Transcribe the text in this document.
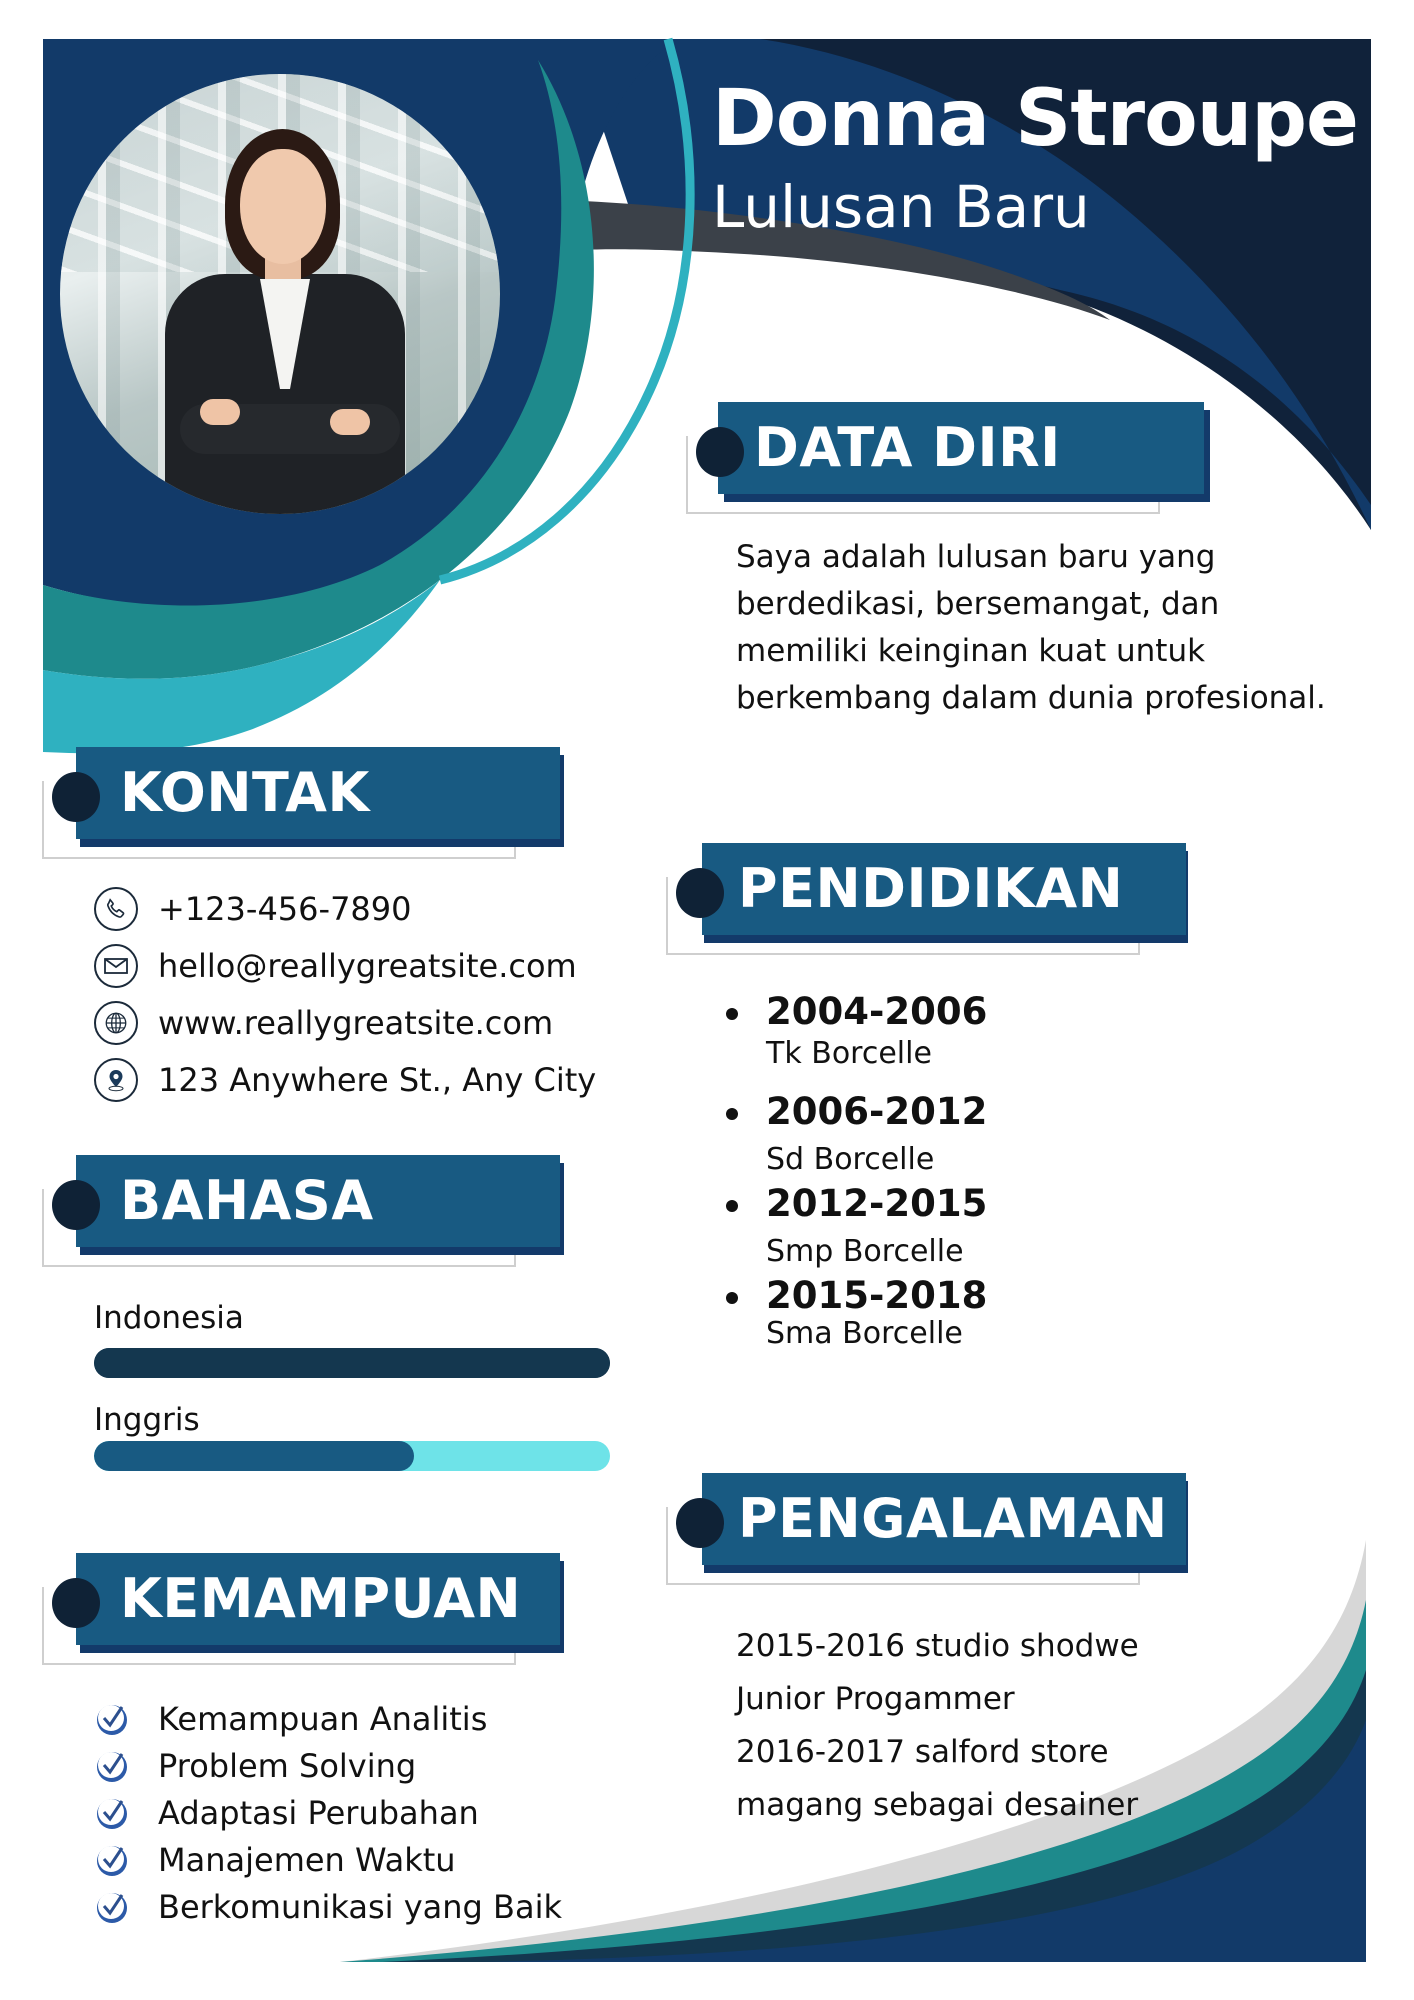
Donna Stroupe
Lulusan Baru
DATA DIRI
Saya adalah lulusan baru yang
berdedikasi, bersemangat, dan
memiliki keinginan kuat untuk
berkembang dalam dunia profesional.
KONTAK
+123-456-7890
hello@reallygreatsite.com
www.reallygreatsite.com
123 Anywhere St., Any City
BAHASA
Indonesia
Inggris
KEMAMPUAN
Kemampuan Analitis
Problem Solving
Adaptasi Perubahan
Manajemen Waktu
Berkomunikasi yang Baik
PENDIDIKAN
2004-2006
Tk Borcelle
2006-2012
Sd Borcelle
2012-2015
Smp Borcelle
2015-2018
Sma Borcelle
PENGALAMAN
2015-2016 studio shodwe
Junior Progammer
2016-2017 salford store
magang sebagai desainer
